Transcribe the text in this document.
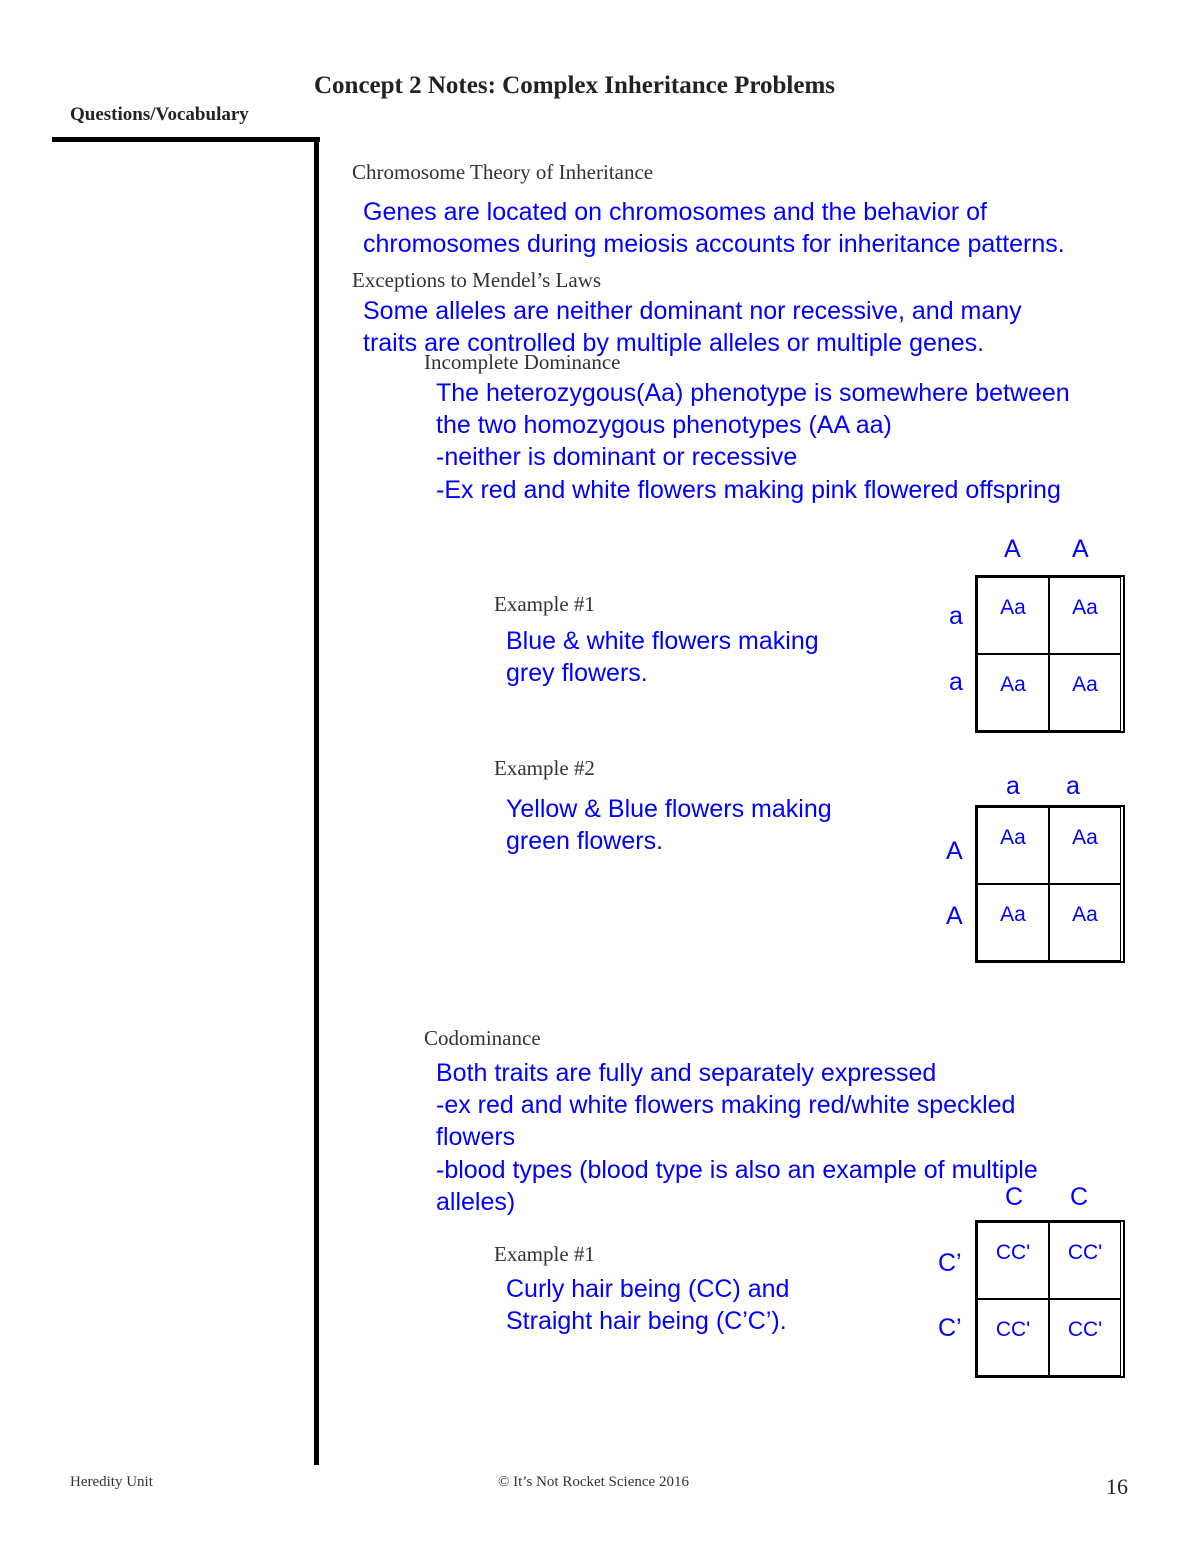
Concept 2 Notes: Complex Inheritance Problems
Questions/Vocabulary
Chromosome Theory of Inheritance
Genes are located on chromosomes and the behavior of
chromosomes during meiosis accounts for inheritance patterns.
Exceptions to Mendel’s Laws
Incomplete Dominance
Some alleles are neither dominant nor recessive, and many
traits are controlled by multiple alleles or multiple genes.
The heterozygous(Aa) phenotype is somewhere between
the two homozygous phenotypes (AA aa)
-neither is dominant or recessive
-Ex red and white flowers making pink flowered offspring
Example #1
Blue & white flowers making
grey flowers.
A A
a
a
Aa	Aa
Aa	Aa
Example #2
Yellow & Blue flowers making
green flowers.
a a
A
A
Aa	Aa
Aa	Aa
Codominance
Both traits are fully and separately expressed
-ex red and white flowers making red/white speckled
flowers
-blood types (blood type is also an example of multiple
alleles)
Example #1
Curly hair being (CC) and
Straight hair being (C’C’).
C C
C’
C’
CC'	CC'
CC'	CC'
Heredity Unit	© It’s Not Rocket Science 2016	16
